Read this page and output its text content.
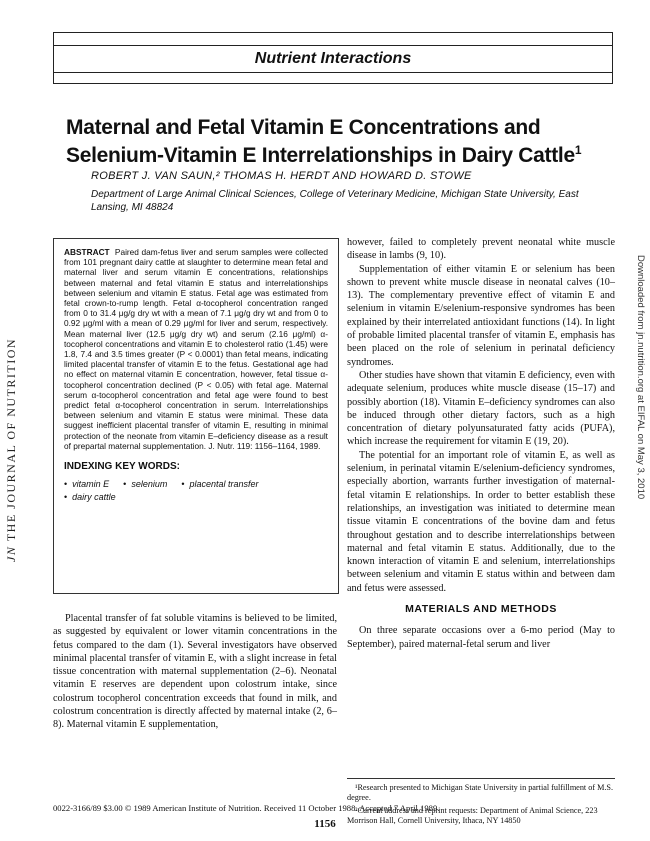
JN THE JOURNAL OF NUTRITION	Downloaded from jn.nutrition.org at EIFAL on May 3, 2010
Nutrient Interactions
Maternal and Fetal Vitamin E Concentrations and Selenium-Vitamin E Interrelationships in Dairy Cattle$^1$
ROBERT J. VAN SAUN,² THOMAS H. HERDT AND HOWARD D. STOWE
Department of Large Animal Clinical Sciences, College of Veterinary Medicine, Michigan State University, East Lansing, MI 48824

ABSTRACT Paired dam-fetus liver and serum samples were collected from 101 pregnant dairy cattle at slaughter to determine mean fetal and maternal liver and serum vitamin E concentrations, relationships between maternal and fetal vitamin E status and interrelationships between selenium and vitamin E status. Fetal age was estimated from fetal crown-to-rump length. Fetal α-tocopherol concentration ranged from 0 to 31.4 μg/g dry wt with a mean of 7.1 μg/g dry wt and from 0 to 0.92 μg/ml with a mean of 0.29 μg/ml for liver and serum, respectively. Mean maternal liver (12.5 μg/g dry wt) and serum (2.16 μg/ml) α-tocopherol concentrations and vitamin E to cholesterol ratio (1.45) were 1.8, 7.4 and 3.5 times greater (P < 0.0001) than fetal means, indicating limited placental transfer of vitamin E to the fetus. Gestational age had no effect on maternal vitamin E concentration, however, fetal tissue α-tocopherol concentration declined (P < 0.05) with fetal age. Maternal serum α-tocopherol concentration and fetal age were found to best predict fetal α-tocopherol concentration in serum. Interrelationships between selenium and vitamin E status were minimal. These data suggest inefficient placental transfer of vitamin E, resulting in minimal protection of the neonate from vitamin E–deficiency disease as a result of prepartal maternal supplementation. J. Nutr. 119: 1156–1164, 1989.

INDEXING KEY WORDS:
• vitamin E • selenium • placental transfer
• dairy cattle

Placental transfer of fat soluble vitamins is believed to be limited, as suggested by equivalent or lower vitamin concentrations in the fetus compared to the dam (1). Several investigators have observed minimal placental transfer of vitamin E, with a slight increase in fetal tissue concentration with maternal supplementation (2–6). Neonatal vitamin E reserves are dependent upon colostrum intake, since colostrum tocopherol concentration exceeds that found in milk, and colostrum concentration is directly affected by maternal intake (2, 6–8). Maternal vitamin E supplementation,

however, failed to completely prevent neonatal white muscle disease in lambs (9, 10).

Supplementation of either vitamin E or selenium has been shown to prevent white muscle disease in neonatal calves (10–13). The complementary preventive effect of vitamin E and selenium in vitamin E/selenium-responsive syndromes has been explained by their interrelated antioxidant functions (14). In light of probable limited placental transfer of vitamin E, emphasis has been placed on the role of selenium in perinatal deficiency syndromes.

Other studies have shown that vitamin E deficiency, even with adequate selenium, produces white muscle disease (15–17) and possibly abortion (18). Vitamin E–deficiency syndromes can also be induced through other dietary factors, such as a high concentration of dietary polyunsaturated fatty acids (PUFA), which increase the requirement for vitamin E (19, 20).

The potential for an important role of vitamin E, as well as selenium, in perinatal vitamin E/selenium-deficiency syndromes, especially abortion, warrants further investigation of maternal-fetal vitamin E relationships. In order to better establish these relationships, an investigation was initiated to determine mean tissue vitamin E concentrations of the bovine dam and fetus throughout gestation and to describe interrelationships between maternal and fetal vitamin E status. Additionally, due to the known interaction of vitamin E and selenium, interrelationships between selenium and vitamin E status within and between dam and fetus were assessed.

MATERIALS AND METHODS

On three separate occasions over a 6-mo period (May to September), paired maternal-fetal serum and liver

¹Research presented to Michigan State University in partial fulfillment of M.S. degree.

²Current address and reprint requests: Department of Animal Science, 223 Morrison Hall, Cornell University, Ithaca, NY 14850

0022-3166/89 $3.00 © 1989 American Institute of Nutrition. Received 11 October 1988. Accepted 7 April 1989.
1156
